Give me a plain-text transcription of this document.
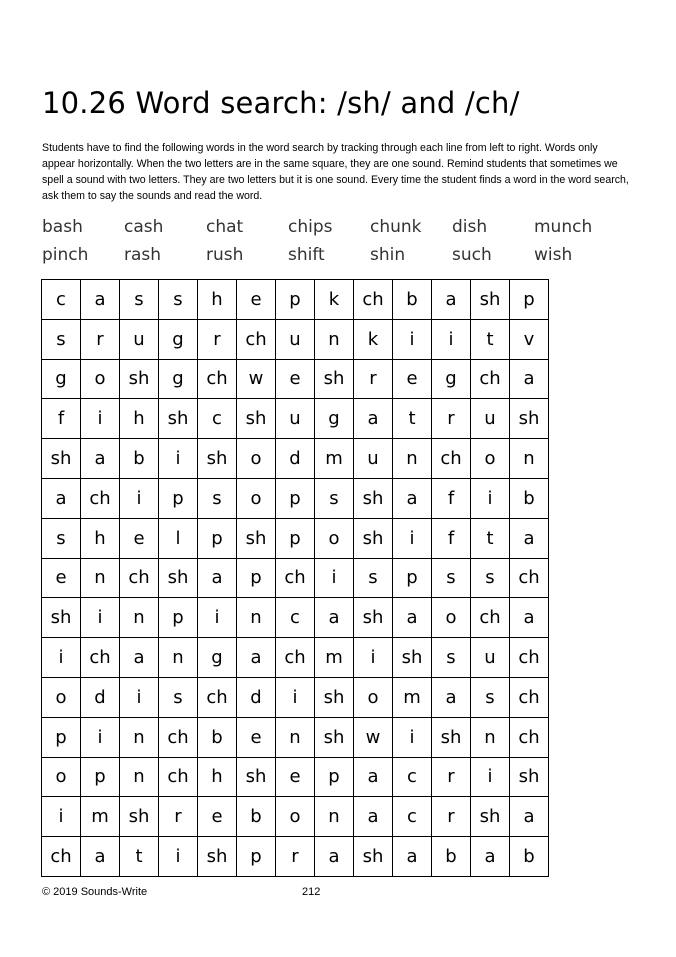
10.26 Word search: /sh/ and /ch/

Students have to find the following words in the word search by tracking through each line from left to right. Words only appear horizontally. When the two letters are in the same square, they are one sound. Remind students that sometimes we spell a sound with two letters. They are two letters but it is one sound. Every time the student finds a word in the word search, ask them to say the sounds and read the word.

bash	cash	chat	chips	chunk	dish	munch
pinch	rash	rush	shift	shin	such	wish
c	a	s	s	h	e	p	k	ch	b	a	sh	p
s	r	u	g	r	ch	u	n	k	i	i	t	v
g	o	sh	g	ch	w	e	sh	r	e	g	ch	a
f	i	h	sh	c	sh	u	g	a	t	r	u	sh
sh	a	b	i	sh	o	d	m	u	n	ch	o	n
a	ch	i	p	s	o	p	s	sh	a	f	i	b
s	h	e	l	p	sh	p	o	sh	i	f	t	a
e	n	ch	sh	a	p	ch	i	s	p	s	s	ch
sh	i	n	p	i	n	c	a	sh	a	o	ch	a
i	ch	a	n	g	a	ch	m	i	sh	s	u	ch
o	d	i	s	ch	d	i	sh	o	m	a	s	ch
p	i	n	ch	b	e	n	sh	w	i	sh	n	ch
o	p	n	ch	h	sh	e	p	a	c	r	i	sh
i	m	sh	r	e	b	o	n	a	c	r	sh	a
ch	a	t	i	sh	p	r	a	sh	a	b	a	b
© 2019 Sounds-Write	212
